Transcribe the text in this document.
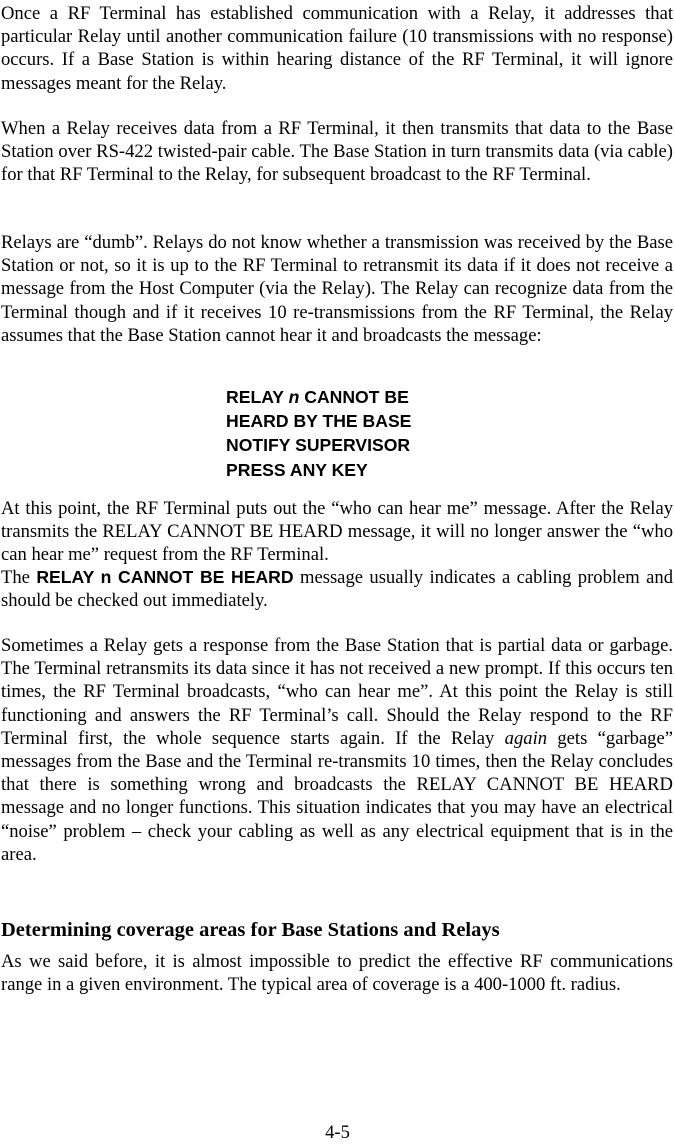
Once a RF Terminal has established communication with a Relay, it addresses that particular Relay until another communication failure (10 transmissions with no response) occurs. If a Base Station is within hearing distance of the RF Terminal, it will ignore messages meant for the Relay.

When a Relay receives data from a RF Terminal, it then transmits that data to the Base Station over RS-422 twisted-pair cable. The Base Station in turn transmits data (via cable) for that RF Terminal to the Relay, for subsequent broadcast to the RF Terminal.

Relays are “dumb”. Relays do not know whether a transmission was received by the Base Station or not, so it is up to the RF Terminal to retransmit its data if it does not receive a message from the Host Computer (via the Relay). The Relay can recognize data from the Terminal though and if it receives 10 re-transmissions from the RF Terminal, the Relay assumes that the Base Station cannot hear it and broadcasts the message:

RELAY n CANNOT BE
HEARD BY THE BASE
NOTIFY SUPERVISOR
PRESS ANY KEY

At this point, the RF Terminal puts out the “who can hear me” message. After the Relay transmits the RELAY CANNOT BE HEARD message, it will no longer answer the “who can hear me” request from the RF Terminal.

The RELAY n CANNOT BE HEARD message usually indicates a cabling problem and should be checked out immediately.

Sometimes a Relay gets a response from the Base Station that is partial data or garbage. The Terminal retransmits its data since it has not received a new prompt. If this occurs ten times, the RF Terminal broadcasts, “who can hear me”. At this point the Relay is still functioning and answers the RF Terminal’s call. Should the Relay respond to the RF Terminal first, the whole sequence starts again. If the Relay again gets “garbage” messages from the Base and the Terminal re-transmits 10 times, then the Relay concludes that there is something wrong and broadcasts the RELAY CANNOT BE HEARD message and no longer functions. This situation indicates that you may have an electrical “noise” problem – check your cabling as well as any electrical equipment that is in the area.

Determining coverage areas for Base Stations and Relays

As we said before, it is almost impossible to predict the effective RF communications range in a given environment. The typical area of coverage is a 400-1000 ft. radius.

4-5
